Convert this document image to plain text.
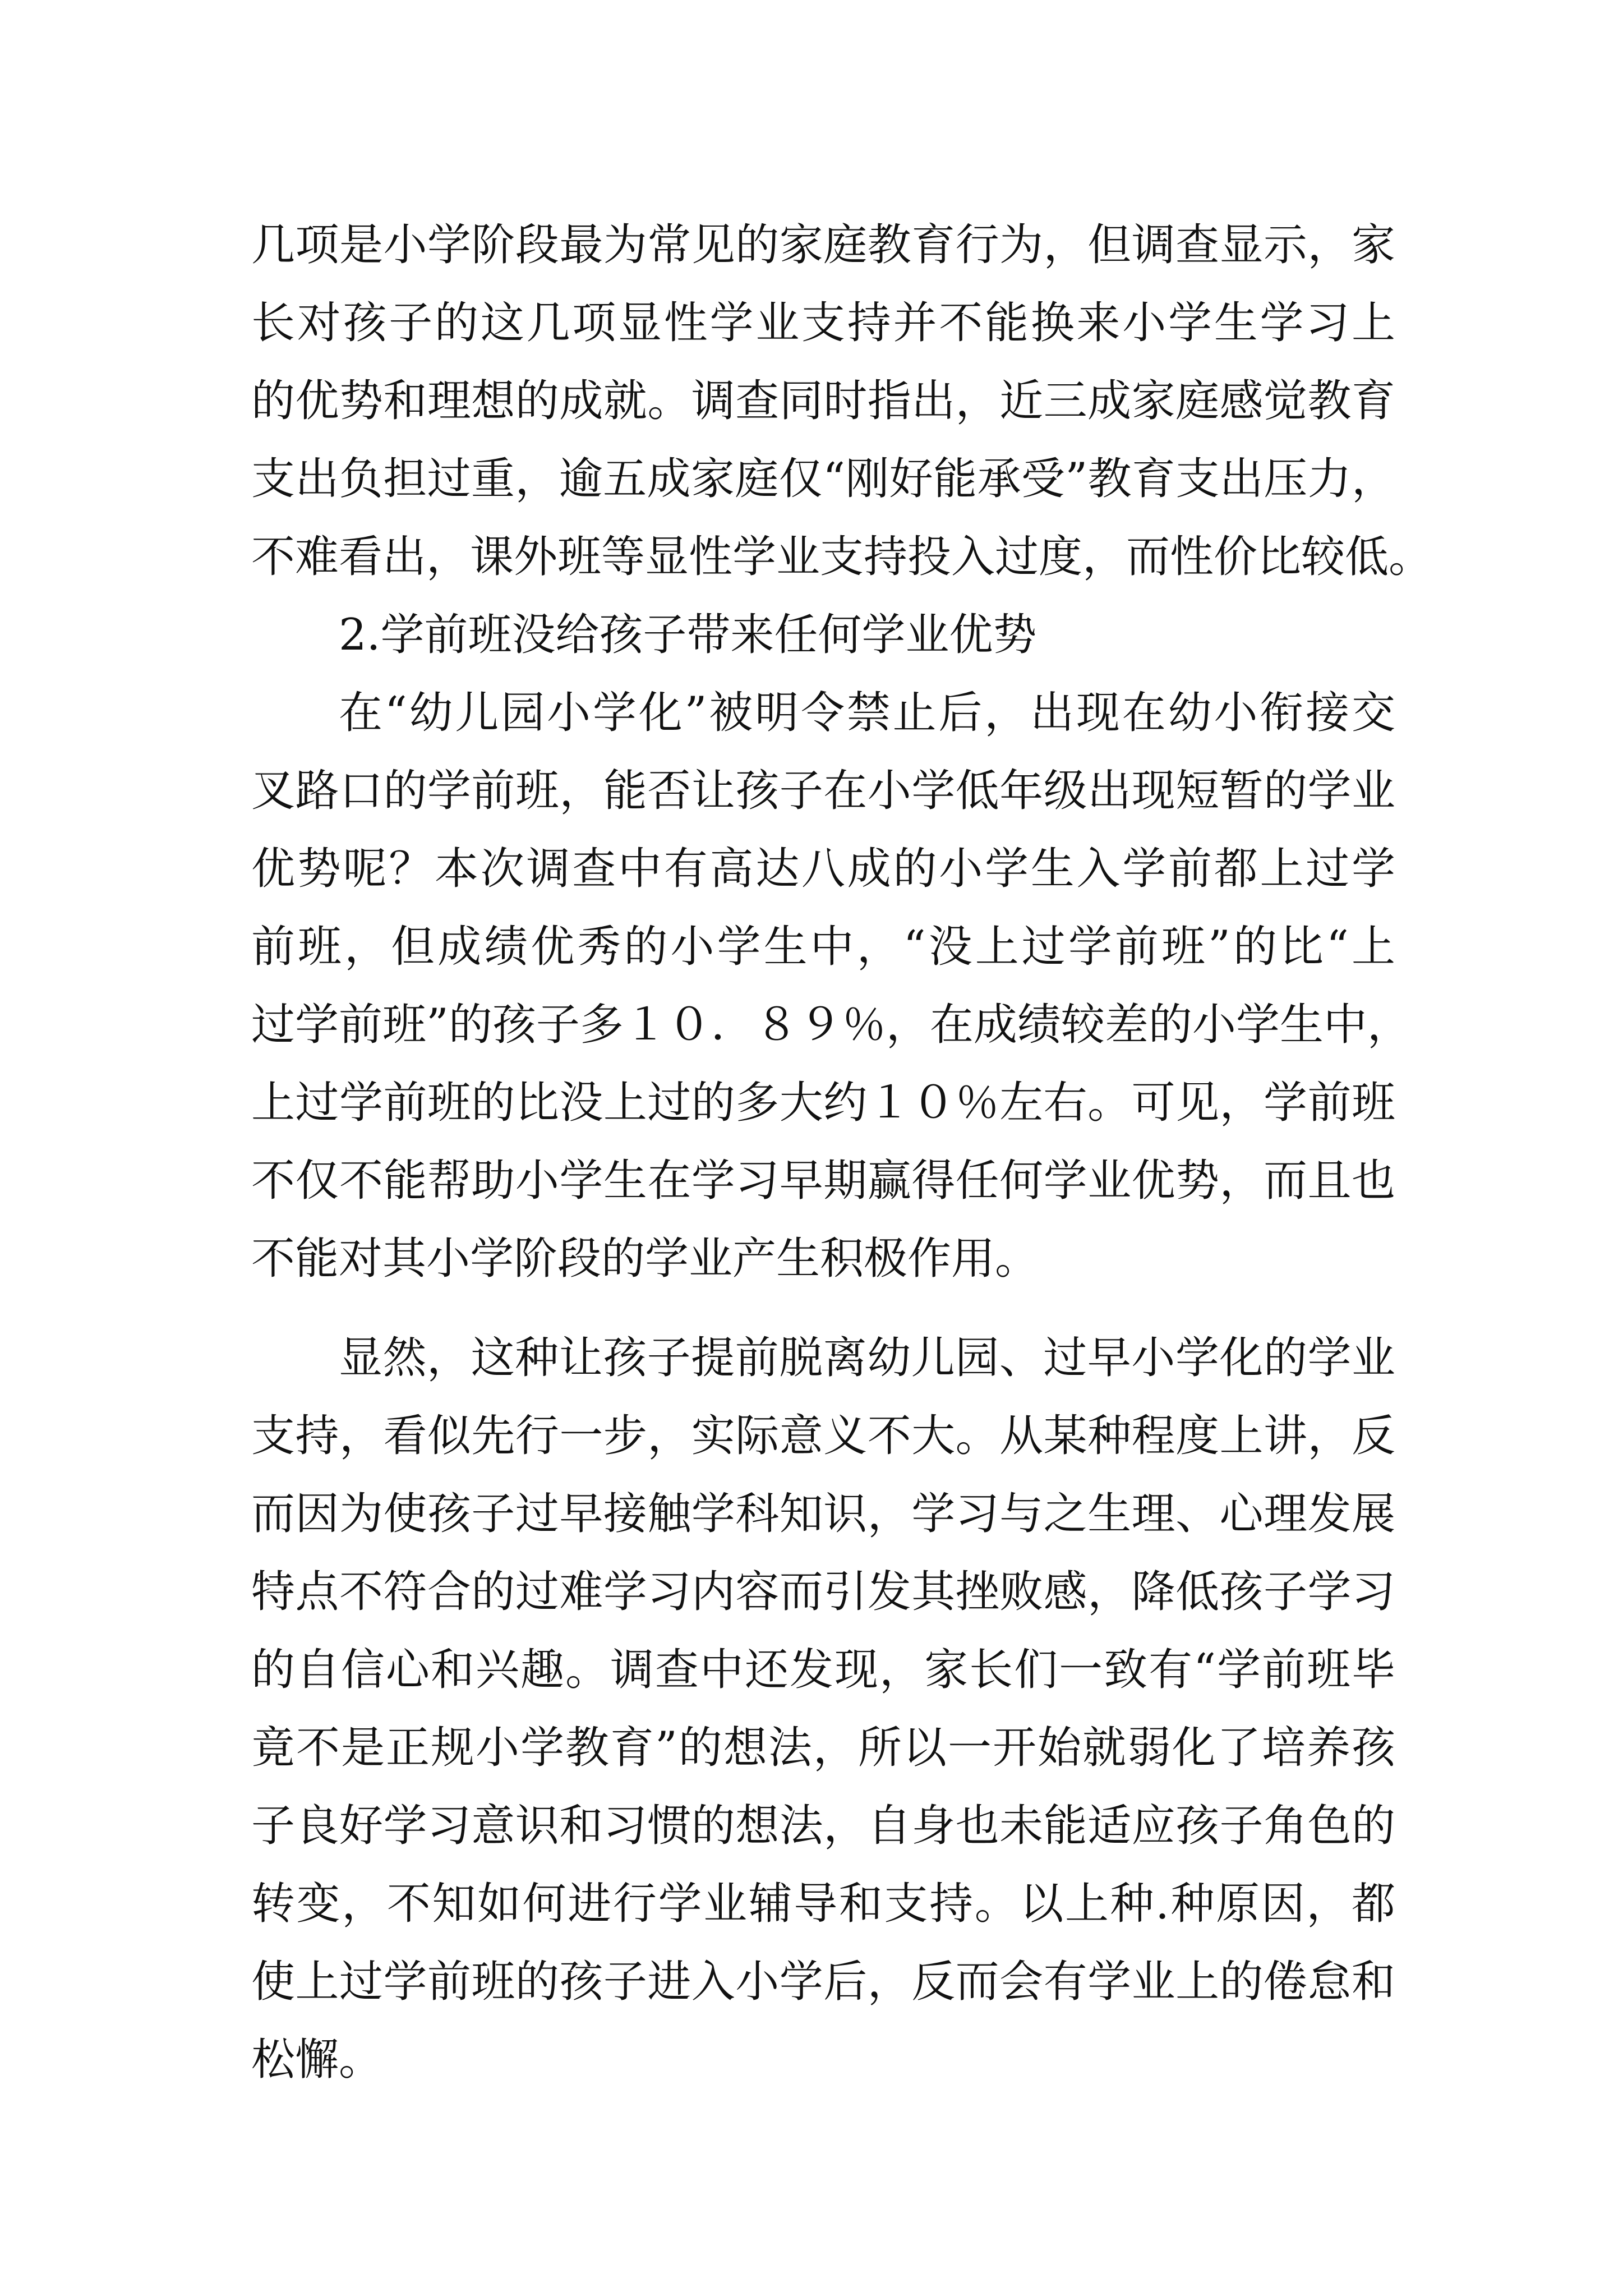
几项是小学阶段最为常见的家庭教育行为，但调查显示，家
长对孩子的这几项显性学业支持并不能换来小学生学习上
的优势和理想的成就。调查同时指出，近三成家庭感觉教育
支出负担过重，逾五成家庭仅“刚好能承受”教育支出压力，
不难看出，课外班等显性学业支持投入过度，而性价比较低。
2.学前班没给孩子带来任何学业优势
在“幼儿园小学化”被明令禁止后，出现在幼小衔接交
叉路口的学前班，能否让孩子在小学低年级出现短暂的学业
优势呢？本次调查中有高达八成的小学生入学前都上过学
前班，但成绩优秀的小学生中，“没上过学前班”的比“上
过学前班”的孩子多１０．８９％，在成绩较差的小学生中，
上过学前班的比没上过的多大约１０％左右。可见，学前班
不仅不能帮助小学生在学习早期赢得任何学业优势，而且也
不能对其小学阶段的学业产生积极作用。
显然，这种让孩子提前脱离幼儿园、过早小学化的学业
支持，看似先行一步，实际意义不大。从某种程度上讲，反
而因为使孩子过早接触学科知识，学习与之生理、心理发展
特点不符合的过难学习内容而引发其挫败感，降低孩子学习
的自信心和兴趣。调查中还发现，家长们一致有“学前班毕
竟不是正规小学教育”的想法，所以一开始就弱化了培养孩
子良好学习意识和习惯的想法，自身也未能适应孩子角色的
转变，不知如何进行学业辅导和支持。以上种.种原因，都
使上过学前班的孩子进入小学后，反而会有学业上的倦怠和
松懈。
